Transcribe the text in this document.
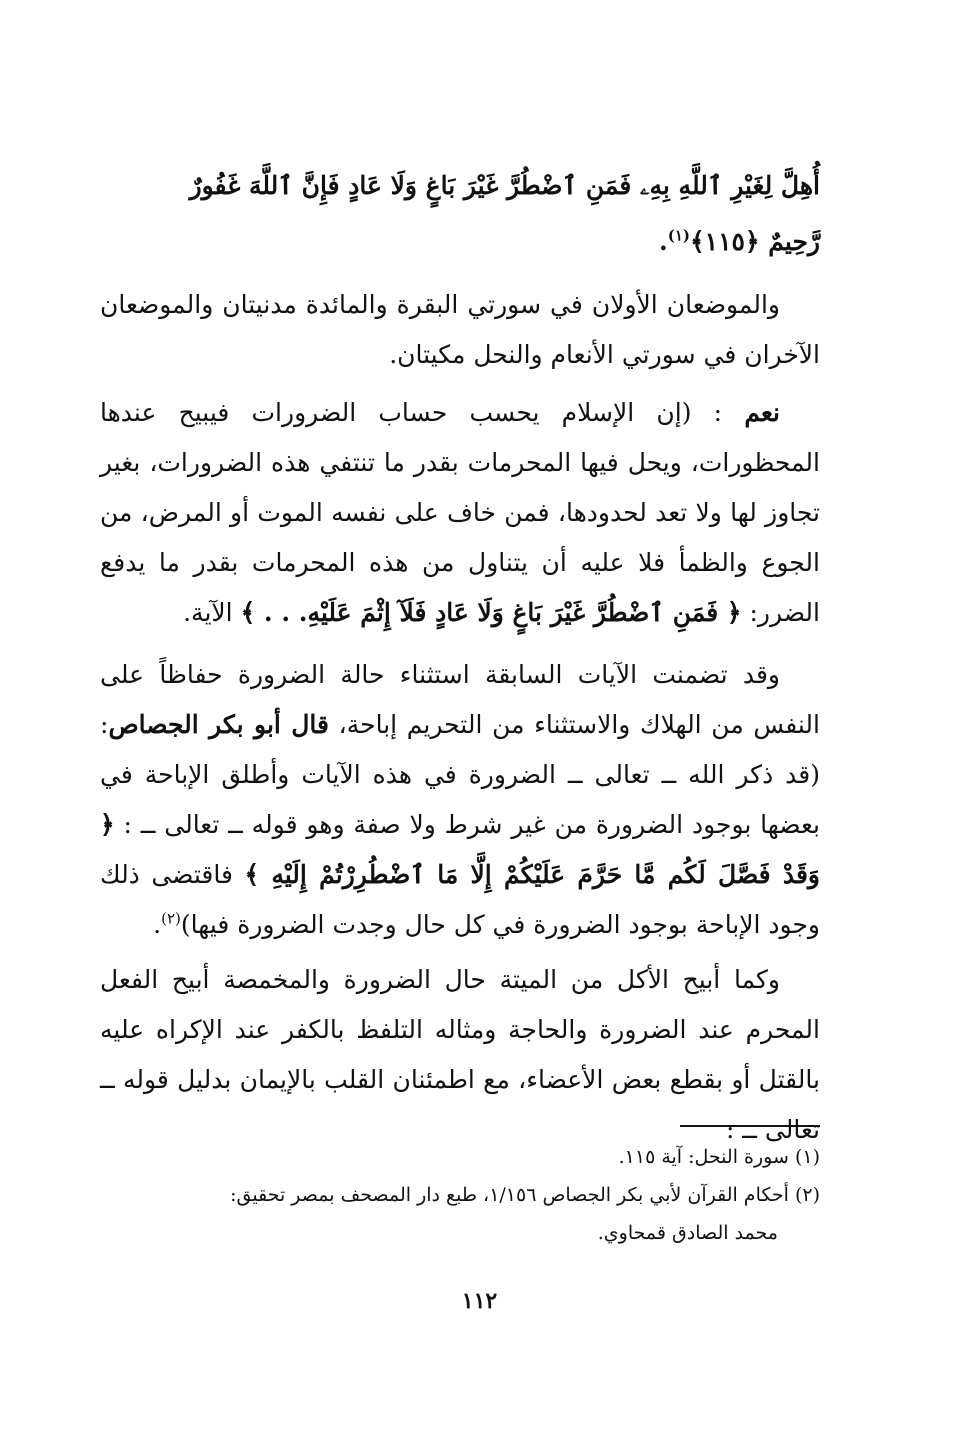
أُهِلَّ لِغَيْرِ ٱللَّهِ بِهِۦ فَمَنِ ٱضْطُرَّ غَيْرَ بَاغٍ وَلَا عَادٍ فَإِنَّ ٱللَّهَ غَفُورٌ
رَّحِيمٌ ﴿١١٥﴾$^{(١)}$.

والموضعان الأولان في سورتي البقرة والمائدة مدنيتان والموضعان الآخران في سورتي الأنعام والنحل مكيتان.

نعم : (إن الإسلام يحسب حساب الضرورات فيبيح عندها المحظورات، ويحل فيها المحرمات بقدر ما تنتفي هذه الضرورات، بغير تجاوز لها ولا تعد لحدودها، فمن خاف على نفسه الموت أو المرض، من الجوع والظمأ فلا عليه أن يتناول من هذه المحرمات بقدر ما يدفع الضرر: ﴿ فَمَنِ ٱضْطُرَّ غَيْرَ بَاغٍ وَلَا عَادٍ فَلَآ إِثْمَ عَلَيْهِ. . . ﴾ الآية.

وقد تضمنت الآيات السابقة استثناء حالة الضرورة حفاظاً على النفس من الهلاك والاستثناء من التحريم إباحة، قال أبو بكر الجصاص: (قد ذكر الله ــ تعالى ــ الضرورة في هذه الآيات وأطلق الإباحة في بعضها بوجود الضرورة من غير شرط ولا صفة وهو قوله ــ تعالى ــ : ﴿ وَقَدْ فَصَّلَ لَكُم مَّا حَرَّمَ عَلَيْكُمْ إِلَّا مَا ٱضْطُرِرْتُمْ إِلَيْهِ ﴾ فاقتضى ذلك وجود الإباحة بوجود الضرورة في كل حال وجدت الضرورة فيها)$^{(٢)}$.

وكما أبيح الأكل من الميتة حال الضرورة والمخمصة أبيح الفعل المحرم عند الضرورة والحاجة ومثاله التلفظ بالكفر عند الإكراه عليه بالقتل أو بقطع بعض الأعضاء، مع اطمئنان القلب بالإيمان بدليل قوله ــ تعالى ــ :

(١) سورة النحل: آية ١١٥.

(٢) أحكام القرآن لأبي بكر الجصاص ١/١٥٦، طبع دار المصحف بمصر تحقيق:

محمد الصادق قمحاوي.

١١٢
